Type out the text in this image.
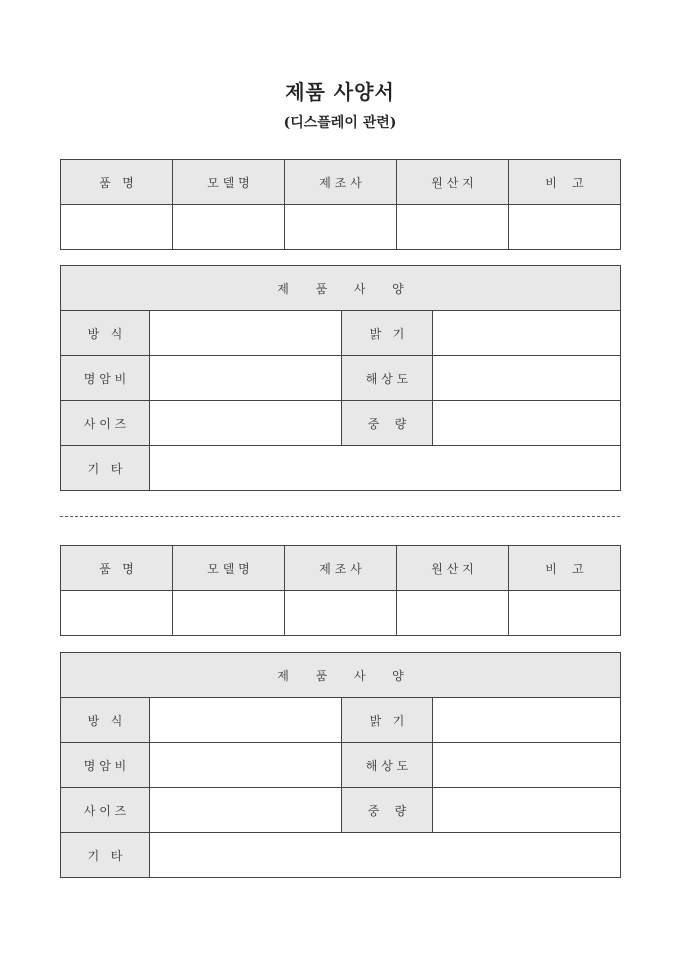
제품 사양서
(디스플레이 관련)
품   명	모 델 명	제 조 사	원 산 지	비    고

제       품       사       양			
방   식		밝   기	
명 암 비		해 상 도	
사 이 즈		중    량	
기   타			
품   명	모 델 명	제 조 사	원 산 지	비    고

제       품       사       양			
방   식		밝   기	
명 암 비		해 상 도	
사 이 즈		중    량	
기   타			
